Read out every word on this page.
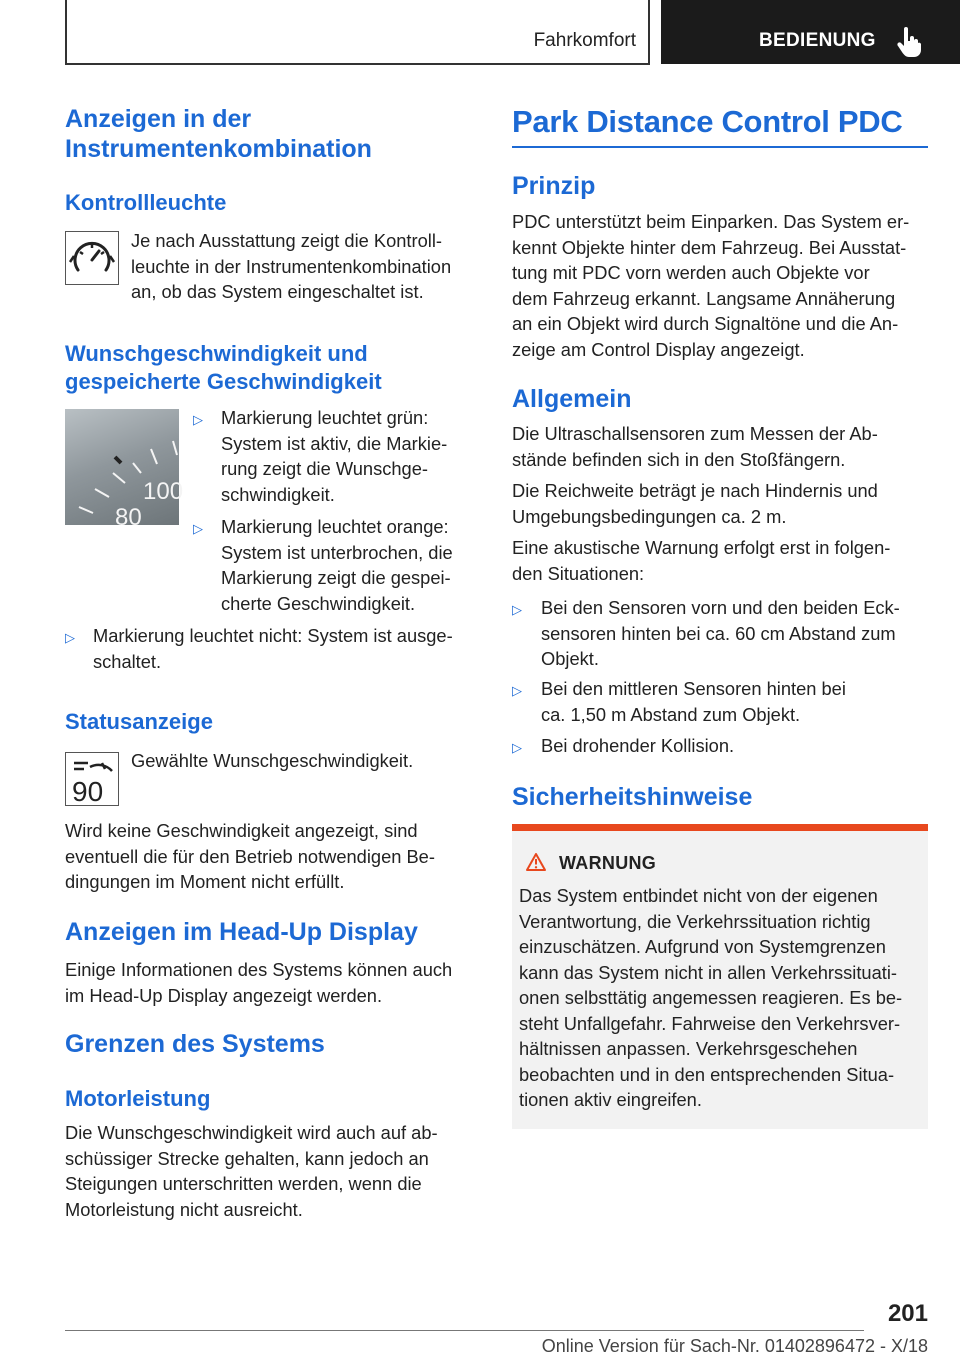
Fahrkomfort	BEDIENUNG
Anzeigen in der Instrumentenkombination
Kontrollleuchte
Je nach Ausstattung zeigt die Kontroll-
leuchte in der Instrumentenkombination
an, ob das System eingeschaltet ist.
Wunschgeschwindigkeit und
gespeicherte Geschwindigkeit
100
80
▷ Markierung leuchtet grün:
System ist aktiv, die Markie-
rung zeigt die Wunschge-
schwindigkeit.
▷ Markierung leuchtet orange:
System ist unterbrochen, die
Markierung zeigt die gespei-
cherte Geschwindigkeit.
▷ Markierung leuchtet nicht: System ist ausge-
schaltet.
Statusanzeige
90
Gewählte Wunschgeschwindigkeit.
Wird keine Geschwindigkeit angezeigt, sind
eventuell die für den Betrieb notwendigen Be-
dingungen im Moment nicht erfüllt.
Anzeigen im Head-Up Display
Einige Informationen des Systems können auch
im Head-Up Display angezeigt werden.
Grenzen des Systems
Motorleistung
Die Wunschgeschwindigkeit wird auch auf ab-
schüssiger Strecke gehalten, kann jedoch an
Steigungen unterschritten werden, wenn die
Motorleistung nicht ausreicht.
Park Distance Control PDC
Prinzip
PDC unterstützt beim Einparken. Das System er-
kennt Objekte hinter dem Fahrzeug. Bei Ausstat-
tung mit PDC vorn werden auch Objekte vor
dem Fahrzeug erkannt. Langsame Annäherung
an ein Objekt wird durch Signaltöne und die An-
zeige am Control Display angezeigt.
Allgemein
Die Ultraschallsensoren zum Messen der Ab-
stände befinden sich in den Stoßfängern.
Die Reichweite beträgt je nach Hindernis und
Umgebungsbedingungen ca. 2 m.
Eine akustische Warnung erfolgt erst in folgen-
den Situationen:
▷ Bei den Sensoren vorn und den beiden Eck-
sensoren hinten bei ca. 60 cm Abstand zum
Objekt.
▷ Bei den mittleren Sensoren hinten bei
ca. 1,50 m Abstand zum Objekt.
▷ Bei drohender Kollision.
Sicherheitshinweise
WARNUNG
Das System entbindet nicht von der eigenen
Verantwortung, die Verkehrssituation richtig
einzuschätzen. Aufgrund von Systemgrenzen
kann das System nicht in allen Verkehrssituati-
onen selbsttätig angemessen reagieren. Es be-
steht Unfallgefahr. Fahrweise den Verkehrsver-
hältnissen anpassen. Verkehrsgeschehen
beobachten und in den entsprechenden Situa-
tionen aktiv eingreifen.
201
Online Version für Sach-Nr. 01402896472 - X/18
